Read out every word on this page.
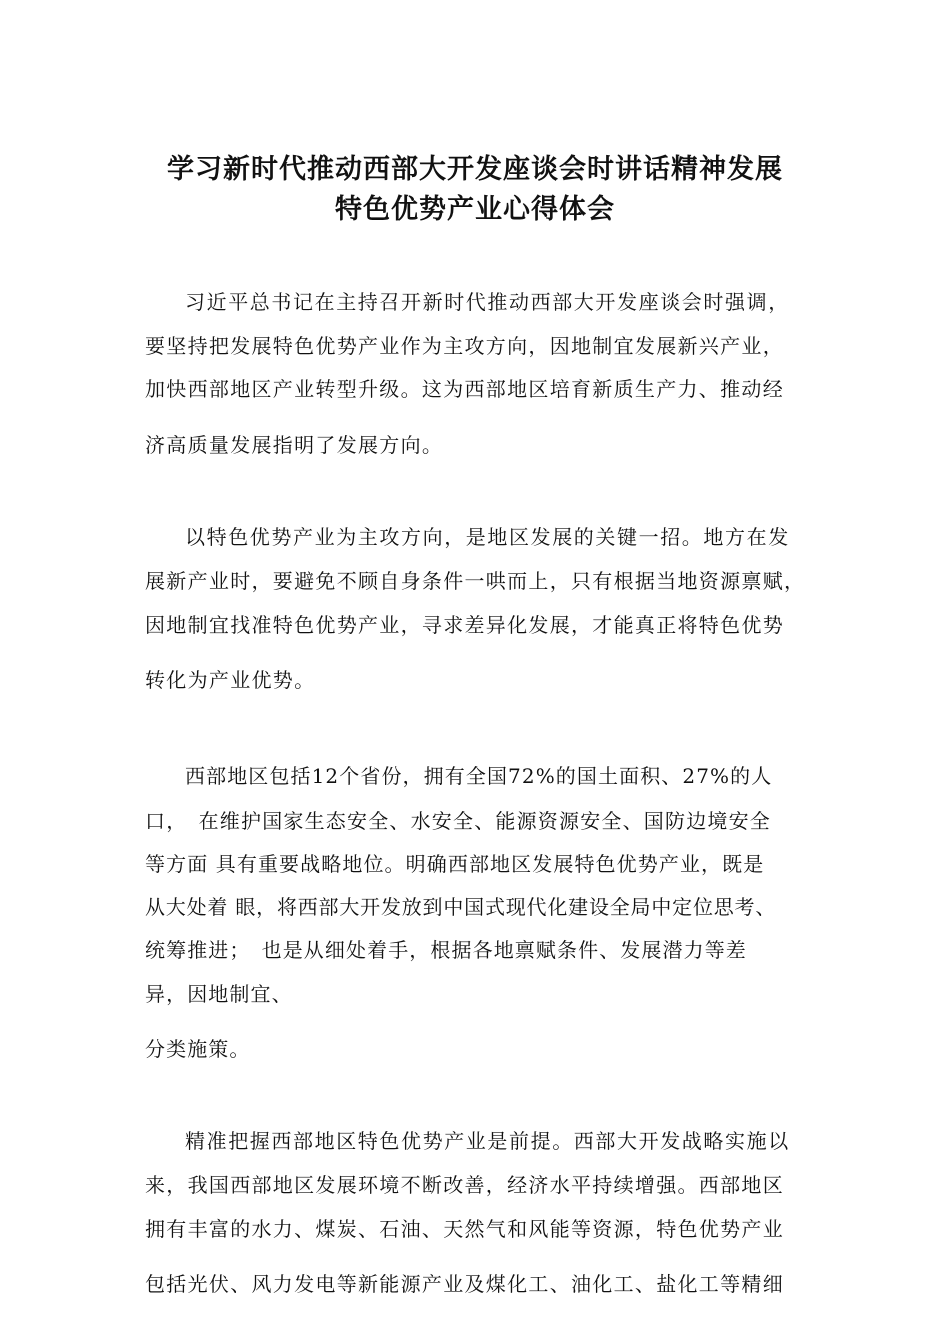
学习新时代推动西部大开发座谈会时讲话精神发展
特色优势产业心得体会

习近平总书记在主持召开新时代推动西部大开发座谈会时强调，

要坚持把发展特色优势产业作为主攻方向，因地制宜发展新兴产业，

加快西部地区产业转型升级。这为西部地区培育新质生产力、推动经

济高质量发展指明了发展方向。

以特色优势产业为主攻方向，是地区发展的关键一招。地方在发

展新产业时，要避免不顾自身条件一哄而上，只有根据当地资源禀赋，

因地制宜找准特色优势产业，寻求差异化发展，才能真正将特色优势

转化为产业优势。

西部地区包括12个省份，拥有全国72%的国土面积、27%的人

口，　在维护国家生态安全、水安全、能源资源安全、国防边境安全

等方面 具有重要战略地位。明确西部地区发展特色优势产业，既是

从大处着 眼，将西部大开发放到中国式现代化建设全局中定位思考、

统筹推进；　也是从细处着手，根据各地禀赋条件、发展潜力等差

异，因地制宜、

分类施策。

精准把握西部地区特色优势产业是前提。西部大开发战略实施以

来，我国西部地区发展环境不断改善，经济水平持续增强。西部地区

拥有丰富的水力、煤炭、石油、天然气和风能等资源，特色优势产业

包括光伏、风力发电等新能源产业及煤化工、油化工、盐化工等精细
